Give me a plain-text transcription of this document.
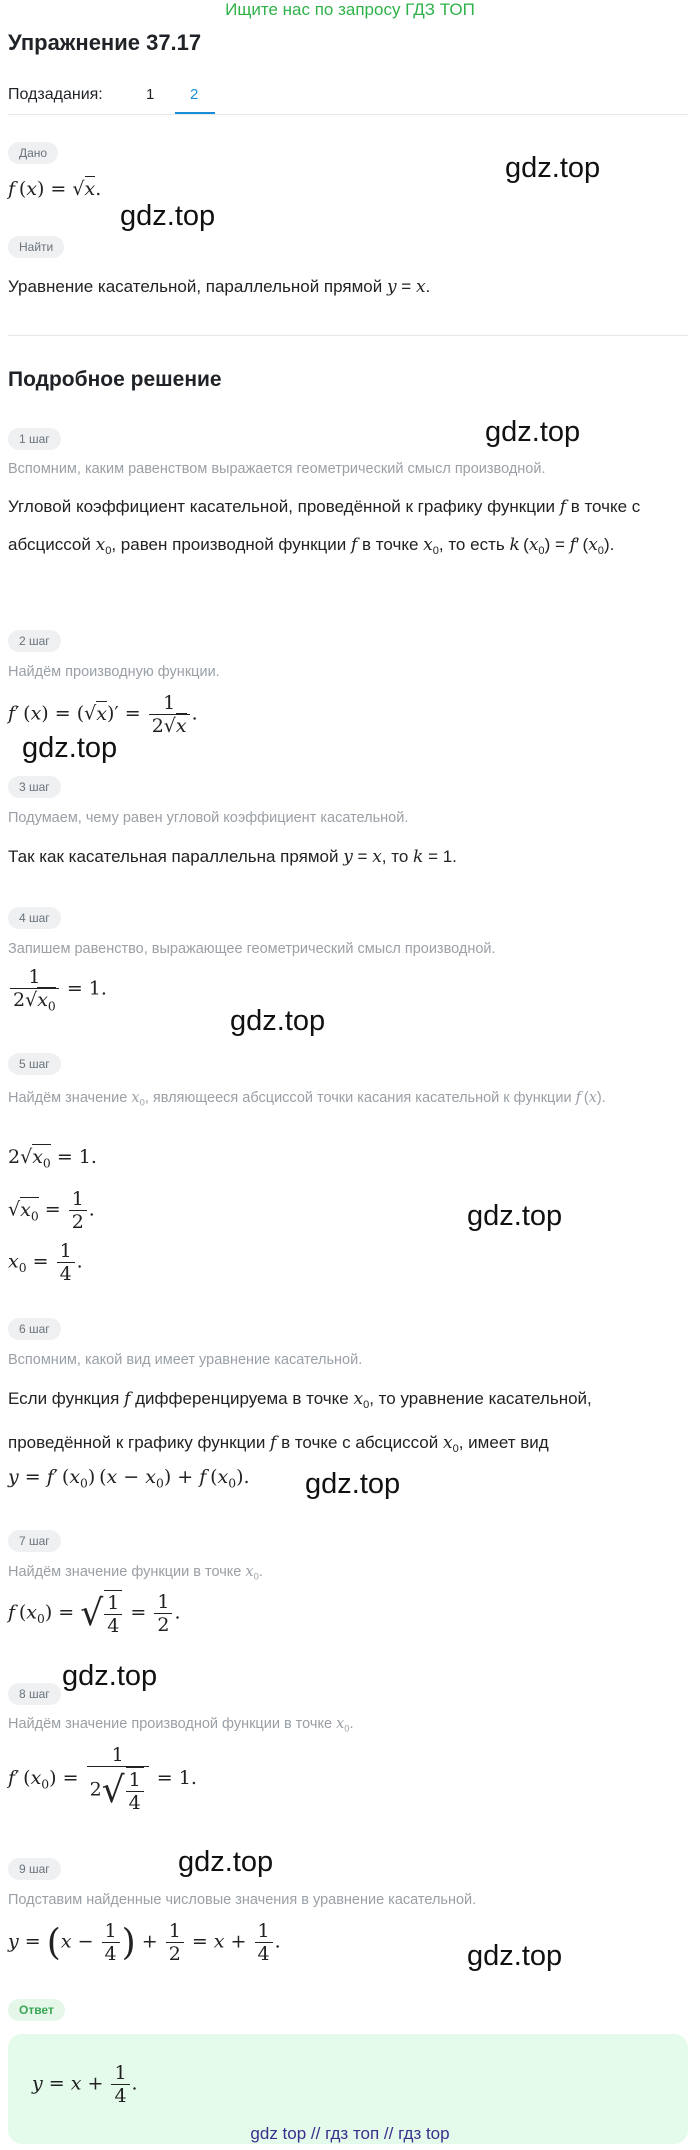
Ищите нас по запросу ГДЗ ТОП
Упражнение 37.17
Подзадания:	1 2
Дано
f (x) = √x.
Найти
Уравнение касательной, параллельной прямой y = x.
Подробное решение
1 шаг
Вспомним, каким равенством выражается геометрический смысл производной.
Угловой коэффициент касательной, проведённой к графику функции f в точке с абсциссой $x_0$, равен производной функции f в точке $x_0$, то есть k $(x_0) = f'$ $(x_0)$.
2 шаг
Найдём производную функции.
f′ $(x) = (√x)' = \frac{1}{2√x}$ .
3 шаг
Подумаем, чему равен угловой коэффициент касательной.
Так как касательная параллельна прямой y = x, то k = 1.
4 шаг
Запишем равенство, выражающее геометрический смысл производной.
$\frac{1}{2√x_0} = 1$.
5 шаг
Найдём значение $x_0$, являющееся абсциссой точки касания касательной к функции f (x).
$2√x_0 = 1$.
$√x_0 = \frac{1}{2}$ .
$x_0 = \frac{1}{4}$ .
6 шаг
Вспомним, какой вид имеет уравнение касательной.
Если функция f дифференцируема в точке $x_0$, то уравнение касательной, проведённой к графику функции f в точке с абсциссой $x_0$, имеет вид
y = f′ $(x_0) (x - x_0) + f$ $(x_0)$.
7 шаг
Найдём значение функции в точке $x_0$.
f $(x_0)$ = √ $\frac{1}{4} = \frac{1}{2}$ .
8 шаг
Найдём значение производной функции в точке $x_0$.
f′ $(x_0) = \frac{1}{2√ \frac{1}{4}} = 1$.
9 шаг
Подставим найденные числовые значения в уравнение касательной.
$y = (x - \frac{1}{4}$ ) + $\frac{1}{2} = x + \frac{1}{4}$ .
Ответ
$y = x + \frac{1}{4}$ .
gdz.top
gdz.top
gdz.top
gdz.top
gdz.top
gdz.top
gdz.top
gdz.top
gdz.top
gdz.top
gdz top // гдз топ // гдз top
